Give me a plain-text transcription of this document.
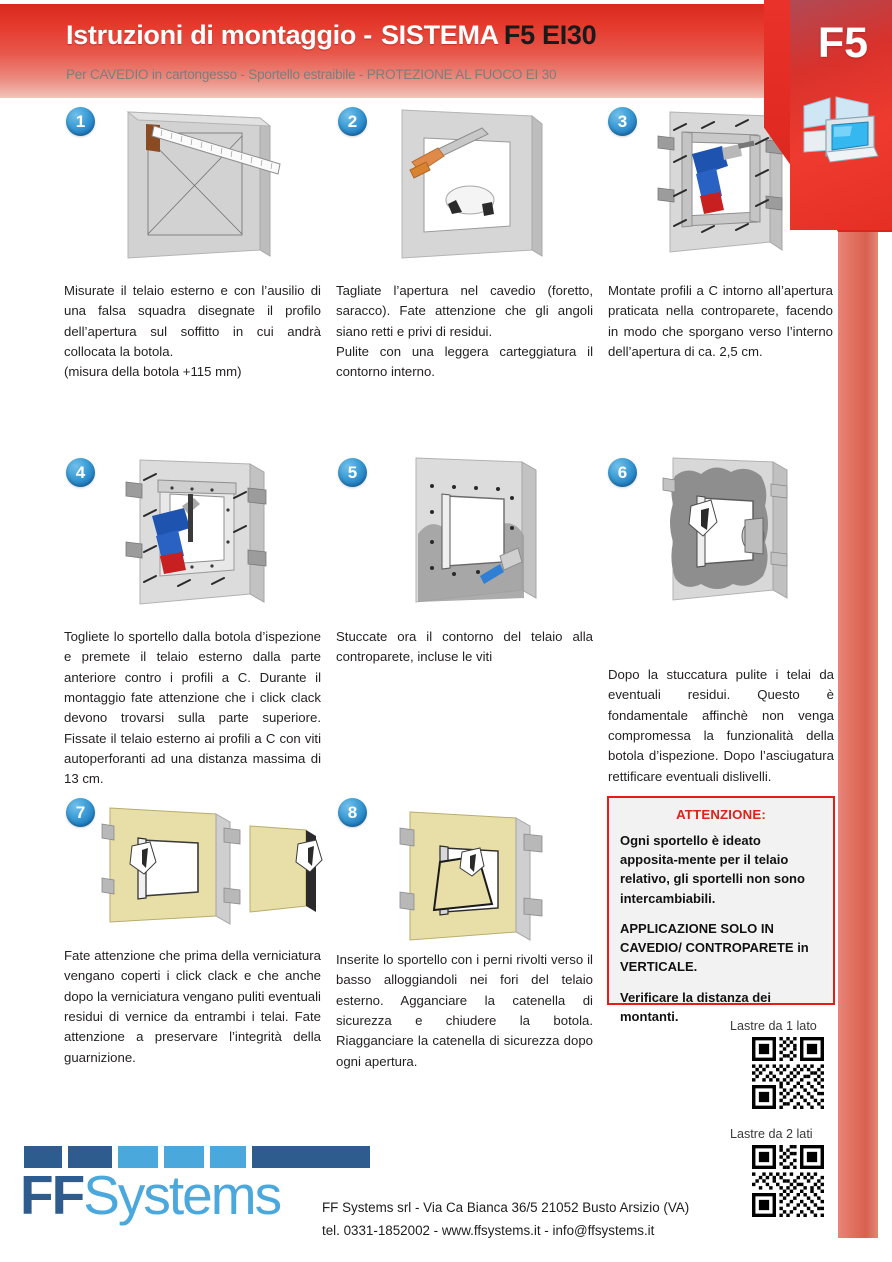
Istruzioni di montaggio - SISTEMA F5 EI30
Per CAVEDIO in cartongesso - Sportello estraibile - PROTEZIONE AL FUOCO EI 30
F5
1
Misurate il telaio esterno e con l’ausilio di una falsa squadra disegnate il profilo dell’apertura sul soffitto in cui andrà collocata la botola.
(misura della botola +115 mm)
2
Tagliate l’apertura nel cavedio (foretto, saracco). Fate attenzione che gli angoli siano retti e privi di residui.
Pulite con una leggera carteggiatura il contorno interno.
3
Montate profili a C intorno all’apertura praticata nella controparete, facendo in modo che sporgano verso l’interno dell’apertura di ca. 2,5 cm.
4
Togliete lo sportello dalla botola d’ispezione e premete il telaio esterno dalla parte anteriore contro i profili a C. Durante il montaggio fate attenzione che i click clack devono trovarsi sulla parte superiore. Fissate il telaio esterno ai profili a C con viti autoperforanti ad una distanza massima di 13 cm.
5
Stuccate ora il contorno del telaio alla controparete, incluse le viti
6
Dopo la stuccatura pulite i telai da eventuali residui. Questo è fondamentale affinchè non venga compromessa la funzionalità della botola d’ispezione. Dopo l’asciugatura rettificare eventuali dislivelli.
7
Fate attenzione che prima della verniciatura vengano coperti i click clack e che anche dopo la verniciatura vengano puliti eventuali residui di vernice da entrambi i telai. Fate attenzione a preservare l’integrità della guarnizione.
8
Inserite lo sportello con i perni rivolti verso il basso alloggiandoli nei fori del telaio esterno. Agganciare la catenella di sicurezza e chiudere la botola. Riagganciare la catenella di sicurezza dopo ogni apertura.
ATTENZIONE:

Ogni sportello è ideato apposita-mente per il telaio relativo, gli sportelli non sono intercambiabili.

APPLICAZIONE SOLO IN CAVEDIO/ CONTROPARETE in VERTICALE.

Verificare la distanza dei montanti.

Lastre da 1 lato
Lastre da 2 lati
FFSystems	FF Systems srl - Via Ca Bianca 36/5 21052 Busto Arsizio (VA)
tel. 0331-1852002 - www.ffsystems.it - info@ffsystems.it
